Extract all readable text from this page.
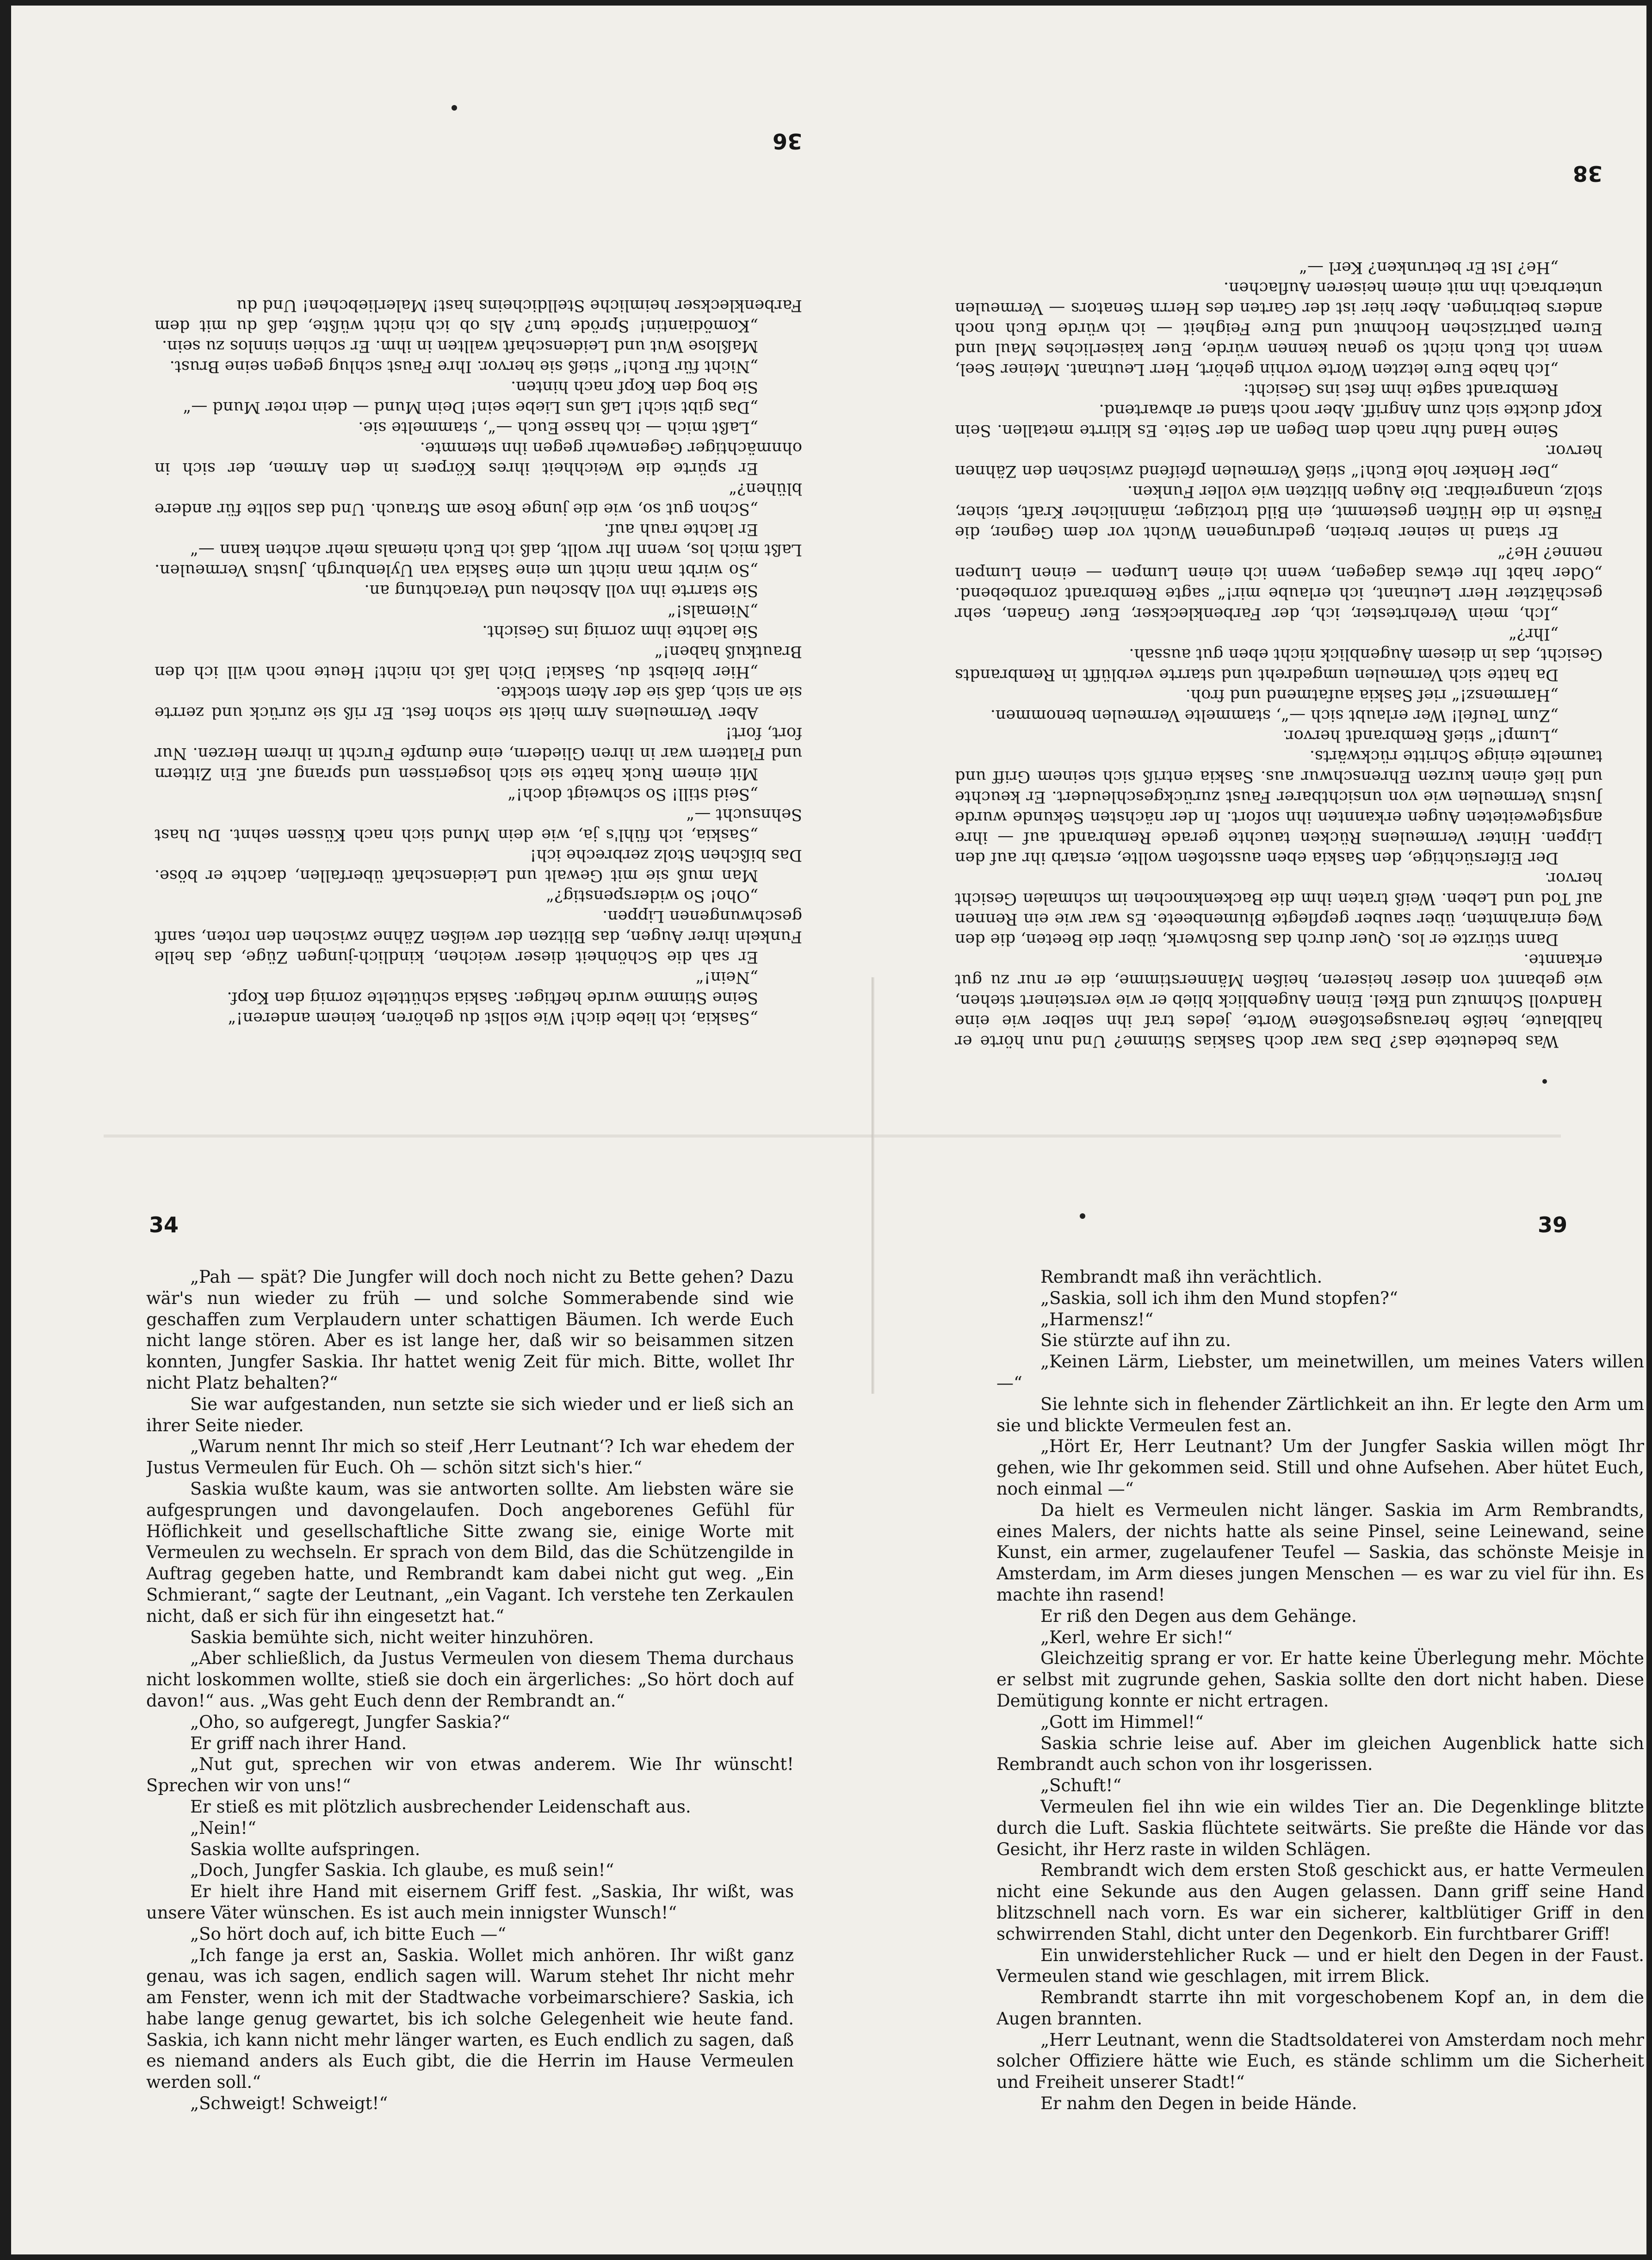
36

„Saskia, ich liebe dich! Wie sollst du gehören, keinem anderen!“

Seine Stimme wurde heftiger. Saskia schüttelte zornig den Kopf.

„Nein!“

Er sah die Schönheit dieser weichen, kindlich-jungen Züge, das helle Funkeln ihrer Augen, das Blitzen der weißen Zähne zwischen den roten, sanft geschwungenen Lippen.

„Oho! So widerspenstig?“

Man muß sie mit Gewalt und Leidenschaft überfallen, dachte er böse. Das bißchen Stolz zerbreche ich!

„Saskia, ich fühl's ja, wie dein Mund sich nach Küssen sehnt. Du hast Sehnsucht —“

„Seid still! So schweigt doch!“

Mit einem Ruck hatte sie sich losgerissen und sprang auf. Ein Zittern und Flattern war in ihren Gliedern, eine dumpfe Furcht in ihrem Herzen. Nur fort, fort!

Aber Vermeulens Arm hielt sie schon fest. Er riß sie zurück und zerrte sie an sich, daß sie der Atem stockte.

„Hier bleibst du, Saskia! Dich laß ich nicht! Heute noch will ich den Brautkuß haben!“

Sie lachte ihm zornig ins Gesicht.

„Niemals!“

Sie starrte ihn voll Abscheu und Verachtung an.

„So wirbt man nicht um eine Saskia van Uylenburgh, Justus Vermeulen. Laßt mich los, wenn Ihr wollt, daß ich Euch niemals mehr achten kann —“

Er lachte rauh auf.

„Schon gut so, wie die junge Rose am Strauch. Und das sollte für andere blühen?“

Er spürte die Weichheit ihres Körpers in den Armen, der sich in ohnmächtiger Gegenwehr gegen ihn stemmte.

„Laßt mich — ich hasse Euch —“, stammelte sie.

„Das gibt sich! Laß uns Liebe sein! Dein Mund — dein roter Mund —“

Sie bog den Kopf nach hinten.

„Nicht für Euch!“ stieß sie hervor. Ihre Faust schlug gegen seine Brust.

Maßlose Wut und Leidenschaft wallten in ihm. Er schien sinnlos zu sein.

„Komödiantin! Spröde tun? Als ob ich nicht wüßte, daß du mit dem Farbenkleckser heimliche Stelldicheins hast! Malerliebchen! Und du

38

Was bedeutete das? Das war doch Saskias Stimme? Und nun hörte er halblaute, heiße herausgestoßene Worte, jedes traf ihn selber wie eine Handvoll Schmutz und Ekel. Einen Augenblick blieb er wie versteinert stehen, wie gebannt von dieser heiseren, heißen Männerstimme, die er nur zu gut erkannte.

Dann stürzte er los. Quer durch das Buschwerk, über die Beeten, die den Weg einrahmten, über sauber gepflegte Blumenbeete. Es war wie ein Rennen auf Tod und Leben. Weiß traten ihm die Backenknochen im schmalen Gesicht hervor.

Der Eifersüchtige, den Saskia eben ausstoßen wollte, erstarb ihr auf den Lippen. Hinter Vermeulens Rücken tauchte gerade Rembrandt auf — ihre angstgeweiteten Augen erkannten ihn sofort. In der nächsten Sekunde wurde Justus Vermeulen wie von unsichtbarer Faust zurückgeschleudert. Er keuchte und ließ einen kurzen Ehrenschwur aus. Saskia entriß sich seinem Griff und taumelte einige Schritte rückwärts.

„Lump!“ stieß Rembrandt hervor.

„Zum Teufel! Wer erlaubt sich —“, stammelte Vermeulen benommen.

„Harmensz!“ rief Saskia aufatmend und froh.

Da hatte sich Vermeulen umgedreht und starrte verblüfft in Rembrandts Gesicht, das in diesem Augenblick nicht eben gut aussah.

„Ihr?“

„Ich, mein Verehrtester, ich, der Farbenkleckser, Euer Gnaden, sehr geschätzter Herr Leutnant, ich erlaube mir!“ sagte Rembrandt zornbebend. „Oder habt Ihr etwas dagegen, wenn ich einen Lumpen — einen Lumpen nenne? He?“

Er stand in seiner breiten, gedrungenen Wucht vor dem Gegner, die Fäuste in die Hüften gestemmt, ein Bild trotziger, männlicher Kraft, sicher, stolz, unangreifbar. Die Augen blitzten wie voller Funken.

„Der Henker hole Euch!“ stieß Vermeulen pfeifend zwischen den Zähnen hervor.

Seine Hand fuhr nach dem Degen an der Seite. Es klirrte metallen. Sein Kopf duckte sich zum Angriff. Aber noch stand er abwartend.

Rembrandt sagte ihm fest ins Gesicht:

„Ich habe Eure letzten Worte vorhin gehört, Herr Leutnant. Meiner Seel, wenn ich Euch nicht so genau kennen würde, Euer kaiserliches Maul und Euren patrizischen Hochmut und Eure Feigheit — ich würde Euch noch anders beibringen. Aber hier ist der Garten des Herrn Senators — Vermeulen unterbrach ihn mit einem heiseren Auflachen.

„He? Ist Er betrunken? Kerl —“

34

„Pah — spät? Die Jungfer will doch noch nicht zu Bette gehen? Dazu wär's nun wieder zu früh — und solche Sommerabende sind wie geschaffen zum Verplaudern unter schattigen Bäumen. Ich werde Euch nicht lange stören. Aber es ist lange her, daß wir so beisammen sitzen konnten, Jungfer Saskia. Ihr hattet wenig Zeit für mich. Bitte, wollet Ihr nicht Platz behalten?“

Sie war aufgestanden, nun setzte sie sich wieder und er ließ sich an ihrer Seite nieder.

„Warum nennt Ihr mich so steif ‚Herr Leutnant‘? Ich war ehedem der Justus Vermeulen für Euch. Oh — schön sitzt sich's hier.“

Saskia wußte kaum, was sie antworten sollte. Am liebsten wäre sie aufgesprungen und davongelaufen. Doch angeborenes Gefühl für Höflichkeit und gesellschaftliche Sitte zwang sie, einige Worte mit Vermeulen zu wechseln. Er sprach von dem Bild, das die Schützengilde in Auftrag gegeben hatte, und Rembrandt kam dabei nicht gut weg. „Ein Schmierant,“ sagte der Leutnant, „ein Vagant. Ich verstehe ten Zerkaulen nicht, daß er sich für ihn eingesetzt hat.“

Saskia bemühte sich, nicht weiter hinzuhören.

„Aber schließlich, da Justus Vermeulen von diesem Thema durchaus nicht loskommen wollte, stieß sie doch ein ärgerliches: „So hört doch auf davon!“ aus. „Was geht Euch denn der Rembrandt an.“

„Oho, so aufgeregt, Jungfer Saskia?“

Er griff nach ihrer Hand.

„Nut gut, sprechen wir von etwas anderem. Wie Ihr wünscht! Sprechen wir von uns!“

Er stieß es mit plötzlich ausbrechender Leidenschaft aus.

„Nein!“

Saskia wollte aufspringen.

„Doch, Jungfer Saskia. Ich glaube, es muß sein!“

Er hielt ihre Hand mit eisernem Griff fest. „Saskia, Ihr wißt, was unsere Väter wünschen. Es ist auch mein innigster Wunsch!“

„So hört doch auf, ich bitte Euch —“

„Ich fange ja erst an, Saskia. Wollet mich anhören. Ihr wißt ganz genau, was ich sagen, endlich sagen will. Warum stehet Ihr nicht mehr am Fenster, wenn ich mit der Stadtwache vorbeimarschiere? Saskia, ich habe lange genug gewartet, bis ich solche Gelegenheit wie heute fand. Saskia, ich kann nicht mehr länger warten, es Euch endlich zu sagen, daß es niemand anders als Euch gibt, die die Herrin im Hause Vermeulen werden soll.“

„Schweigt! Schweigt!“

39

Rembrandt maß ihn verächtlich.

„Saskia, soll ich ihm den Mund stopfen?“

„Harmensz!“

Sie stürzte auf ihn zu.

„Keinen Lärm, Liebster, um meinetwillen, um meines Vaters willen —“

Sie lehnte sich in flehender Zärtlichkeit an ihn. Er legte den Arm um sie und blickte Vermeulen fest an.

„Hört Er, Herr Leutnant? Um der Jungfer Saskia willen mögt Ihr gehen, wie Ihr gekommen seid. Still und ohne Aufsehen. Aber hütet Euch, noch einmal —“

Da hielt es Vermeulen nicht länger. Saskia im Arm Rembrandts, eines Malers, der nichts hatte als seine Pinsel, seine Leinewand, seine Kunst, ein armer, zugelaufener Teufel — Saskia, das schönste Meisje in Amsterdam, im Arm dieses jungen Menschen — es war zu viel für ihn. Es machte ihn rasend!

Er riß den Degen aus dem Gehänge.

„Kerl, wehre Er sich!“

Gleichzeitig sprang er vor. Er hatte keine Überlegung mehr. Möchte er selbst mit zugrunde gehen, Saskia sollte den dort nicht haben. Diese Demütigung konnte er nicht ertragen.

„Gott im Himmel!“

Saskia schrie leise auf. Aber im gleichen Augenblick hatte sich Rembrandt auch schon von ihr losgerissen.

„Schuft!“

Vermeulen fiel ihn wie ein wildes Tier an. Die Degenklinge blitzte durch die Luft. Saskia flüchtete seitwärts. Sie preßte die Hände vor das Gesicht, ihr Herz raste in wilden Schlägen.

Rembrandt wich dem ersten Stoß geschickt aus, er hatte Vermeulen nicht eine Sekunde aus den Augen gelassen. Dann griff seine Hand blitzschnell nach vorn. Es war ein sicherer, kaltblütiger Griff in den schwirrenden Stahl, dicht unter den Degenkorb. Ein furchtbarer Griff!

Ein unwiderstehlicher Ruck — und er hielt den Degen in der Faust. Vermeulen stand wie geschlagen, mit irrem Blick.

Rembrandt starrte ihn mit vorgeschobenem Kopf an, in dem die Augen brannten.

„Herr Leutnant, wenn die Stadtsoldaterei von Amsterdam noch mehr solcher Offiziere hätte wie Euch, es stände schlimm um die Sicherheit und Freiheit unserer Stadt!“

Er nahm den Degen in beide Hände.
